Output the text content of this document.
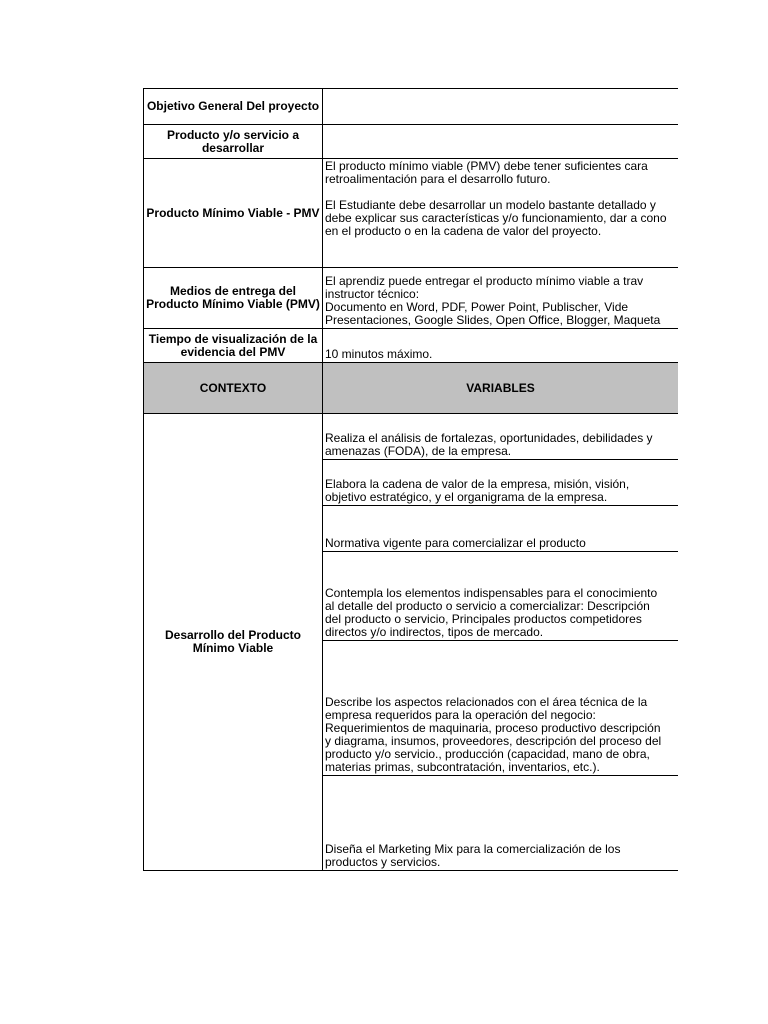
Objetivo General Del proyecto
Producto y/o servicio a desarrollar
Producto Mínimo Viable - PMV
El producto mínimo viable (PMV) debe tener suficientes cara
retroalimentación para el desarrollo futuro.
El Estudiante debe desarrollar un modelo bastante detallado y
debe explicar sus características y/o funcionamiento, dar a cono
en el producto o en la cadena de valor del proyecto.
Medios de entrega del Producto Mínimo Viable (PMV)
El aprendiz puede entregar el producto mínimo viable a trav
instructor técnico:
Documento en Word, PDF, Power Point, Publischer, Vide
Presentaciones, Google Slides, Open Office, Blogger, Maqueta
Tiempo de visualización de la evidencia del PMV	10 minutos máximo.
CONTEXTO	VARIABLES
Desarrollo del Producto Mínimo Viable
Realiza el análisis de fortalezas, oportunidades, debilidades y
amenazas (FODA), de la empresa.
Elabora la cadena de valor de la empresa, misión, visión,
objetivo estratégico, y el organigrama de la empresa.
Normativa vigente para comercializar el producto
Contempla los elementos indispensables para el conocimiento
al detalle del producto o servicio a comercializar: Descripción
del producto o servicio, Principales productos competidores
directos y/o indirectos, tipos de mercado.
Describe los aspectos relacionados con el área técnica de la
empresa requeridos para la operación del negocio:
Requerimientos de maquinaria, proceso productivo descripción
y diagrama, insumos, proveedores, descripción del proceso del
producto y/o servicio., producción (capacidad, mano de obra,
materias primas, subcontratación, inventarios, etc.).
Diseña el Marketing Mix para la comercialización de los
productos y servicios.
